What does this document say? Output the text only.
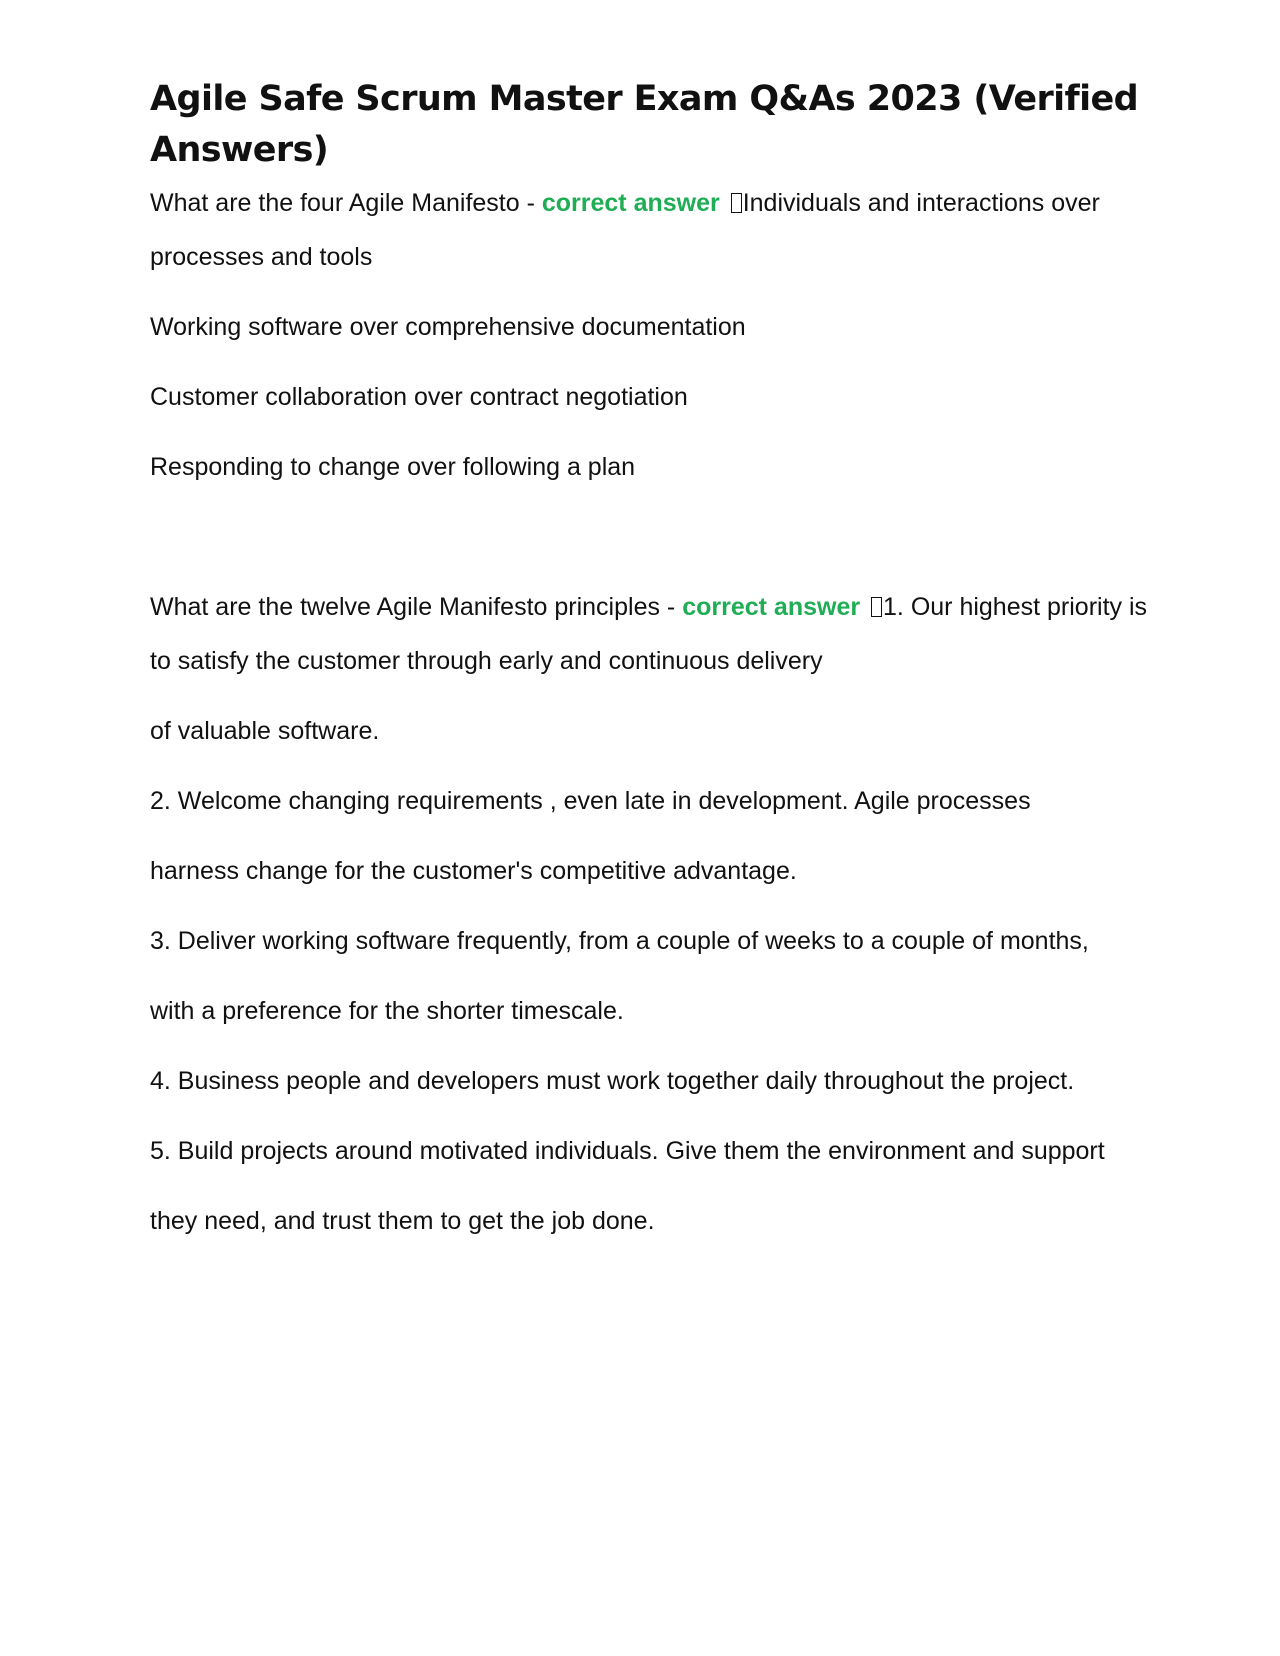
Agile Safe Scrum Master Exam Q&As 2023 (Verified Answers)

What are the four Agile Manifesto - correct answer Individuals and interactions over processes and tools

Working software over comprehensive documentation

Customer collaboration over contract negotiation

Responding to change over following a plan

What are the twelve Agile Manifesto principles - correct answer 1. Our highest priority is to satisfy the customer through early and continuous delivery

of valuable software.

2. Welcome changing requirements , even late in development. Agile processes

harness change for the customer's competitive advantage.

3. Deliver working software frequently, from a couple of weeks to a couple of months,

with a preference for the shorter timescale.

4. Business people and developers must work together daily throughout the project.

5. Build projects around motivated individuals. Give them the environment and support

they need, and trust them to get the job done.
